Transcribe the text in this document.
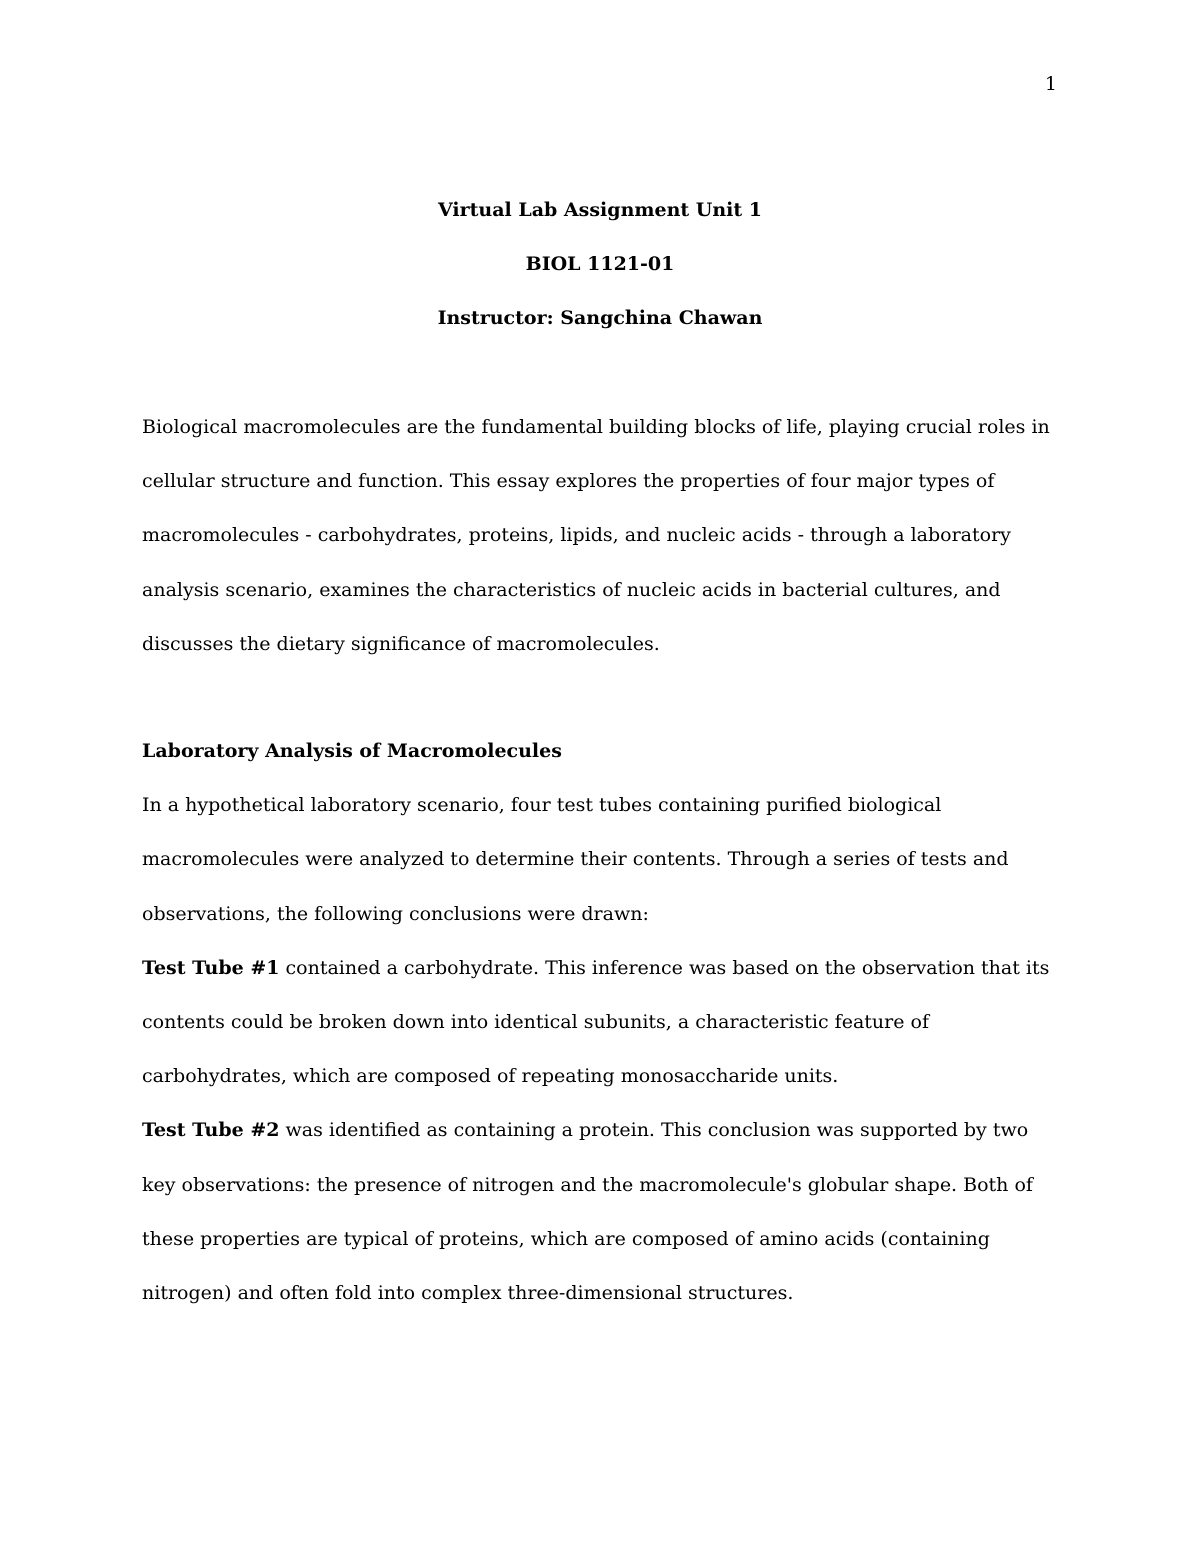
1
Virtual Lab Assignment Unit 1
BIOL 1121-01
Instructor: Sangchina Chawan

Biological macromolecules are the fundamental building blocks of life, playing crucial roles in cellular structure and function. This essay explores the properties of four major types of macromolecules - carbohydrates, proteins, lipids, and nucleic acids - through a laboratory analysis scenario, examines the characteristics of nucleic acids in bacterial cultures, and discusses the dietary significance of macromolecules.

Laboratory Analysis of Macromolecules

In a hypothetical laboratory scenario, four test tubes containing purified biological macromolecules were analyzed to determine their contents. Through a series of tests and observations, the following conclusions were drawn:

Test Tube #1 contained a carbohydrate. This inference was based on the observation that its contents could be broken down into identical subunits, a characteristic feature of carbohydrates, which are composed of repeating monosaccharide units.

Test Tube #2 was identified as containing a protein. This conclusion was supported by two key observations: the presence of nitrogen and the macromolecule's globular shape. Both of these properties are typical of proteins, which are composed of amino acids (containing nitrogen) and often fold into complex three-dimensional structures.
